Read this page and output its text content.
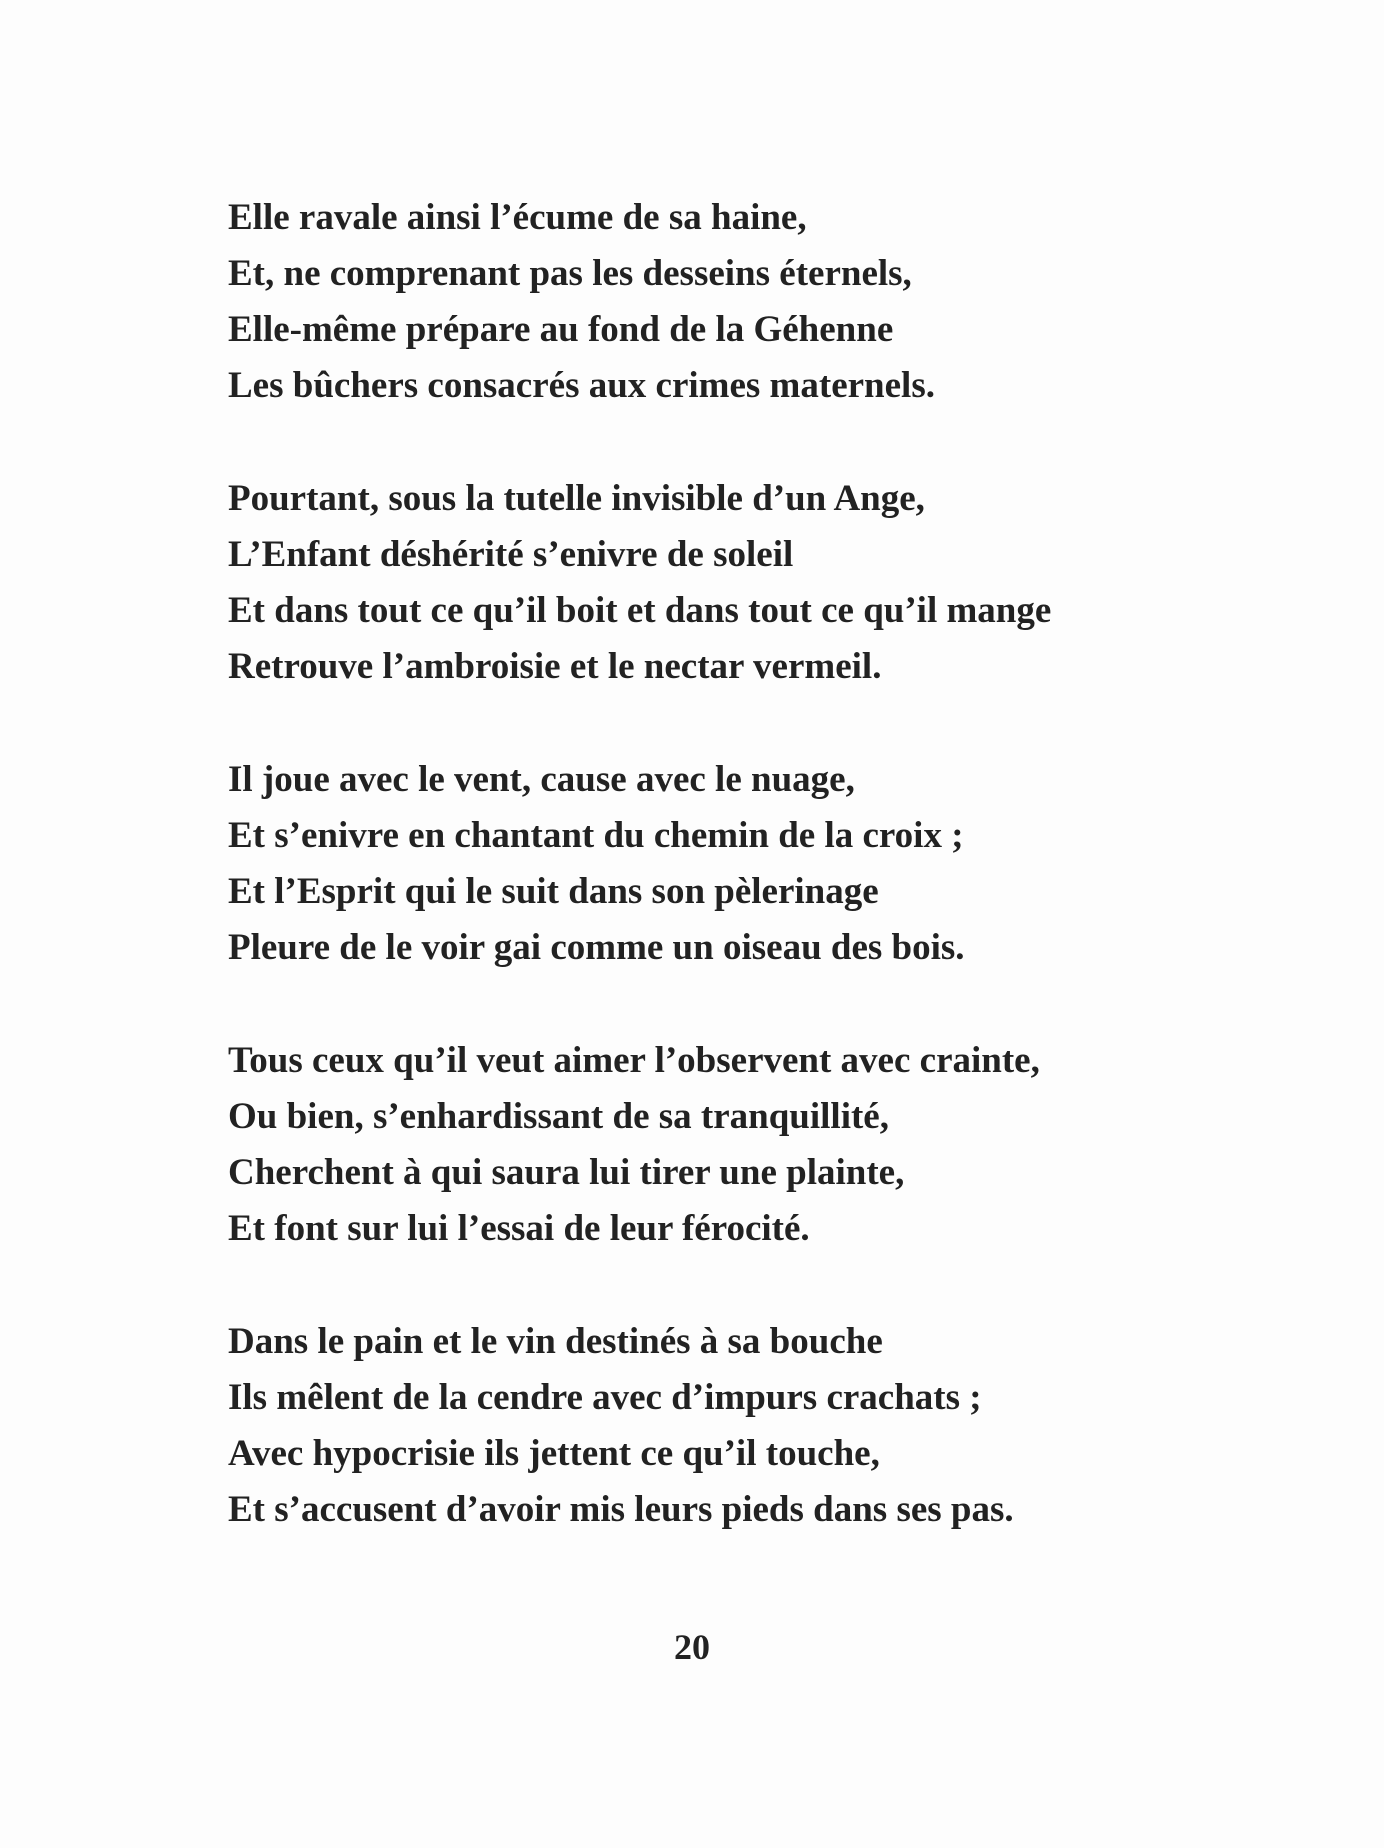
Elle ravale ainsi l’écume de sa haine,
Et, ne comprenant pas les desseins éternels,
Elle-même prépare au fond de la Géhenne
Les bûchers consacrés aux crimes maternels.
Pourtant, sous la tutelle invisible d’un Ange,
L’Enfant déshérité s’enivre de soleil
Et dans tout ce qu’il boit et dans tout ce qu’il mange
Retrouve l’ambroisie et le nectar vermeil.
Il joue avec le vent, cause avec le nuage,
Et s’enivre en chantant du chemin de la croix ;
Et l’Esprit qui le suit dans son pèlerinage
Pleure de le voir gai comme un oiseau des bois.
Tous ceux qu’il veut aimer l’observent avec crainte,
Ou bien, s’enhardissant de sa tranquillité,
Cherchent à qui saura lui tirer une plainte,
Et font sur lui l’essai de leur férocité.
Dans le pain et le vin destinés à sa bouche
Ils mêlent de la cendre avec d’impurs crachats ;
Avec hypocrisie ils jettent ce qu’il touche,
Et s’accusent d’avoir mis leurs pieds dans ses pas.
20
